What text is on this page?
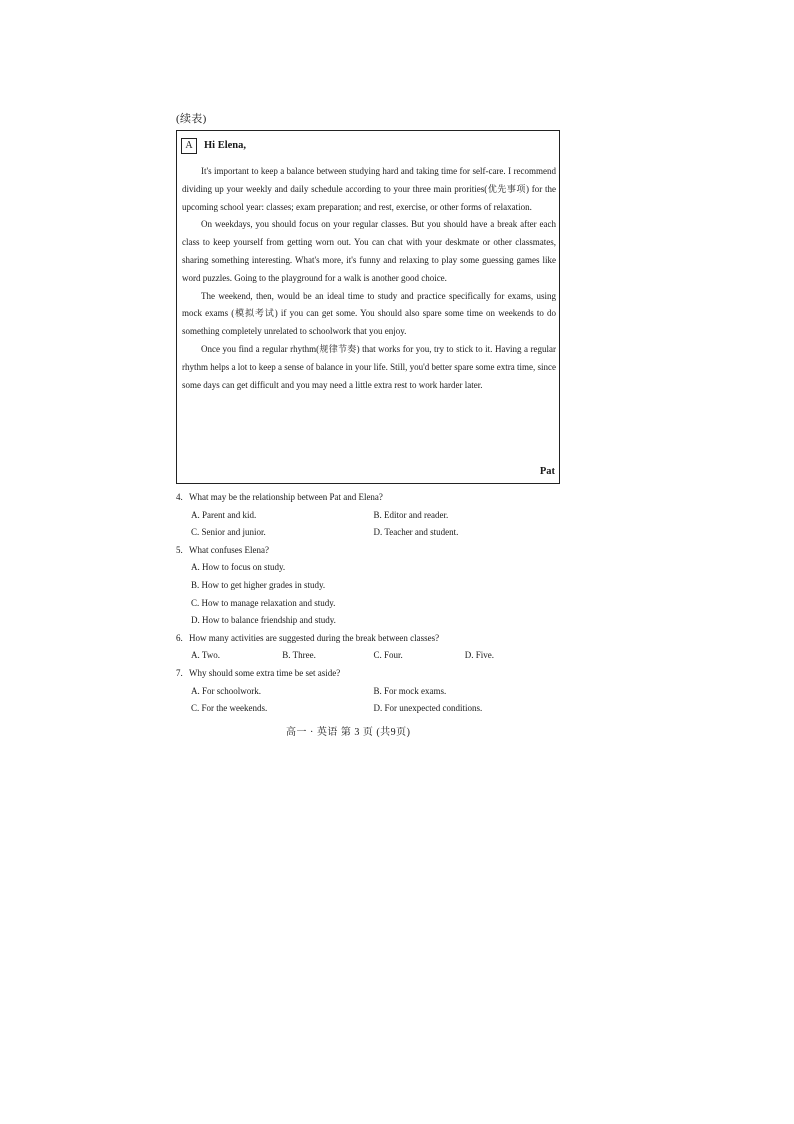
(续表)
A	Hi Elena,

It's important to keep a balance between studying hard and taking time for self-care. I recommend dividing up your weekly and daily schedule according to your three main prorities(优先事项) for the upcoming school year: classes; exam preparation; and rest, exercise, or other forms of relaxation.

On weekdays, you should focus on your regular classes. But you should have a break after each class to keep yourself from getting worn out. You can chat with your deskmate or other classmates, sharing something interesting. What's more, it's funny and relaxing to play some guessing games like word puzzles. Going to the playground for a walk is another good choice.

The weekend, then, would be an ideal time to study and practice specifically for exams, using mock exams (模拟考试) if you can get some. You should also spare some time on weekends to do something completely unrelated to schoolwork that you enjoy.

Once you find a regular rhythm(规律节奏) that works for you, try to stick to it. Having a regular rhythm helps a lot to keep a sense of balance in your life. Still, you'd better spare some extra time, since some days can get difficult and you may need a little extra rest to work harder later.

Pat
4. What may be the relationship between Pat and Elena?
A. Parent and kid.	B. Editor and reader.
C. Senior and junior.	D. Teacher and student.
5. What confuses Elena?
A. How to focus on study.
B. How to get higher grades in study.
C. How to manage relaxation and study.
D. How to balance friendship and study.
6. How many activities are suggested during the break between classes?
A. Two.	B. Three.	C. Four.	D. Five.
7. Why should some extra time be set aside?
A. For schoolwork.	B. For mock exams.
C. For the weekends.	D. For unexpected conditions.
高一 · 英语 第 3 页 (共9页)
